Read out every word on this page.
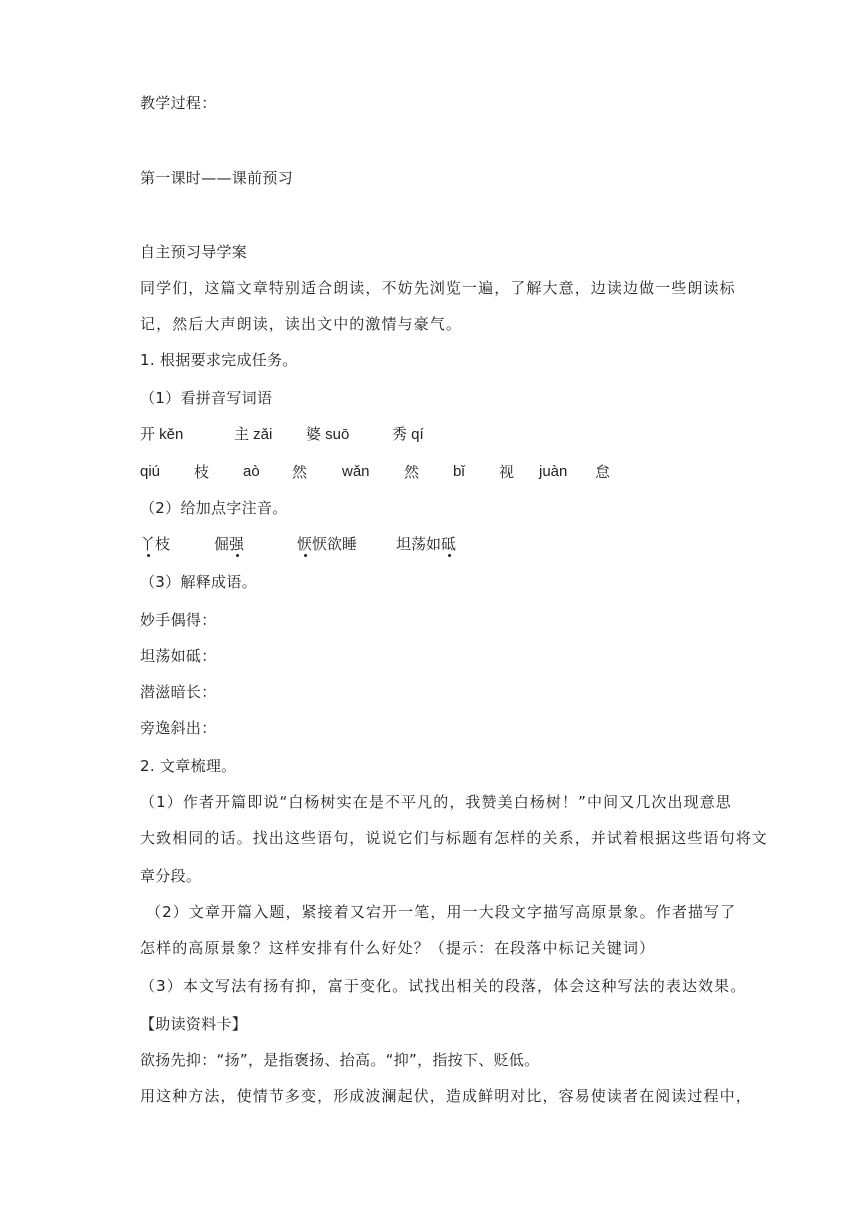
教学过程：
第一课时——课前预习
自主预习导学案
同学们，这篇文章特别适合朗读，不妨先浏览一遍，了解大意，边读边做一些朗读标
记，然后大声朗读，读出文中的激情与豪气。
1. 根据要求完成任务。
（1）看拼音写词语
开 kěn	主 zǎi 婆 suō	秀 qí
qiú 枝 aò 然 wǎn 然 bǐ 视 juàn 怠
（2）给加点字注音。
丫枝	倔强	恹恹欲睡	坦荡如砥
（3）解释成语。
妙手偶得：
坦荡如砥：
潜滋暗长：
旁逸斜出：
2. 文章梳理。
（1）作者开篇即说“白杨树实在是不平凡的，我赞美白杨树！”中间又几次出现意思
大致相同的话。找出这些语句，说说它们与标题有怎样的关系，并试着根据这些语句将文
章分段。
（2）文章开篇入题，紧接着又宕开一笔，用一大段文字描写高原景象。作者描写了
怎样的高原景象？这样安排有什么好处？（提示：在段落中标记关键词）
（3）本文写法有扬有抑，富于变化。试找出相关的段落，体会这种写法的表达效果。
【助读资料卡】
欲扬先抑：“扬”，是指褒扬、抬高。“抑”，指按下、贬低。
用这种方法，使情节多变，形成波澜起伏，造成鲜明对比，容易使读者在阅读过程中，
